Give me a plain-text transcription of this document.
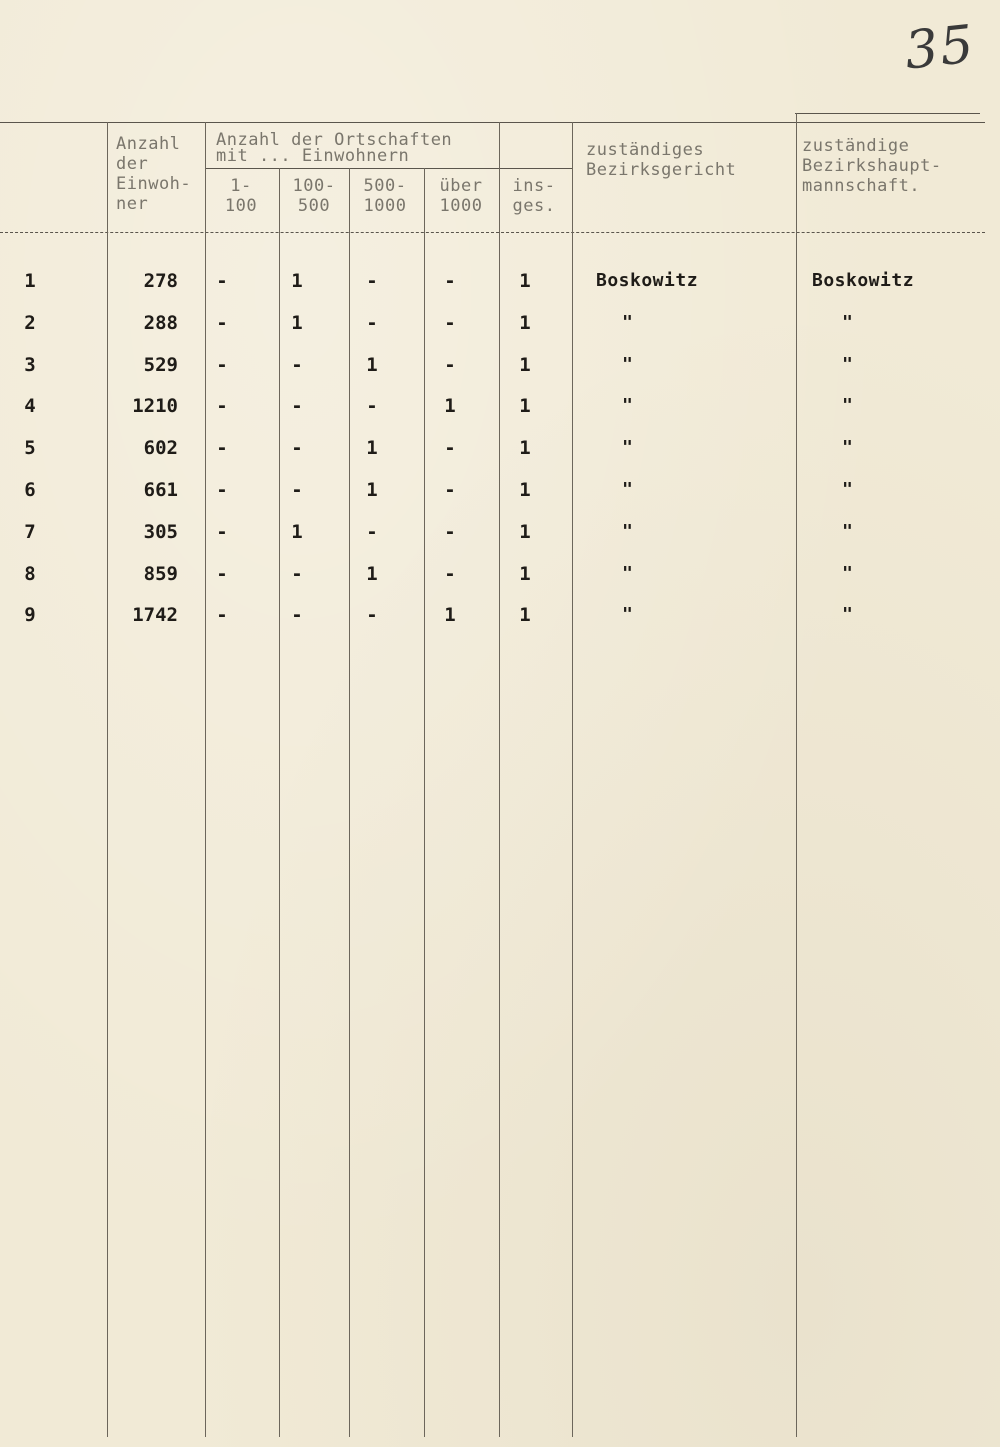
35
Anzahl
der
Einwoh-
ner
Anzahl der Ortschaften
mit ... Einwohnern
1-
100
100-
500
500-
1000
über
1000
ins-
ges.
zuständiges
Bezirksgericht
zuständige
Bezirkshaupt-
mannschaft.
1	278	-	1	-	-	1	Boskowitz	Boskowitz
2	288	-	1	-	-	1	"	"
3	529	-	-	1	-	1	"	"
4	1210	-	-	-	1	1	"	"
5	602	-	-	1	-	1	"	"
6	661	-	-	1	-	1	"	"
7	305	-	1	-	-	1	"	"
8	859	-	-	1	-	1	"	"
9	1742	-	-	-	1	1	"	"
